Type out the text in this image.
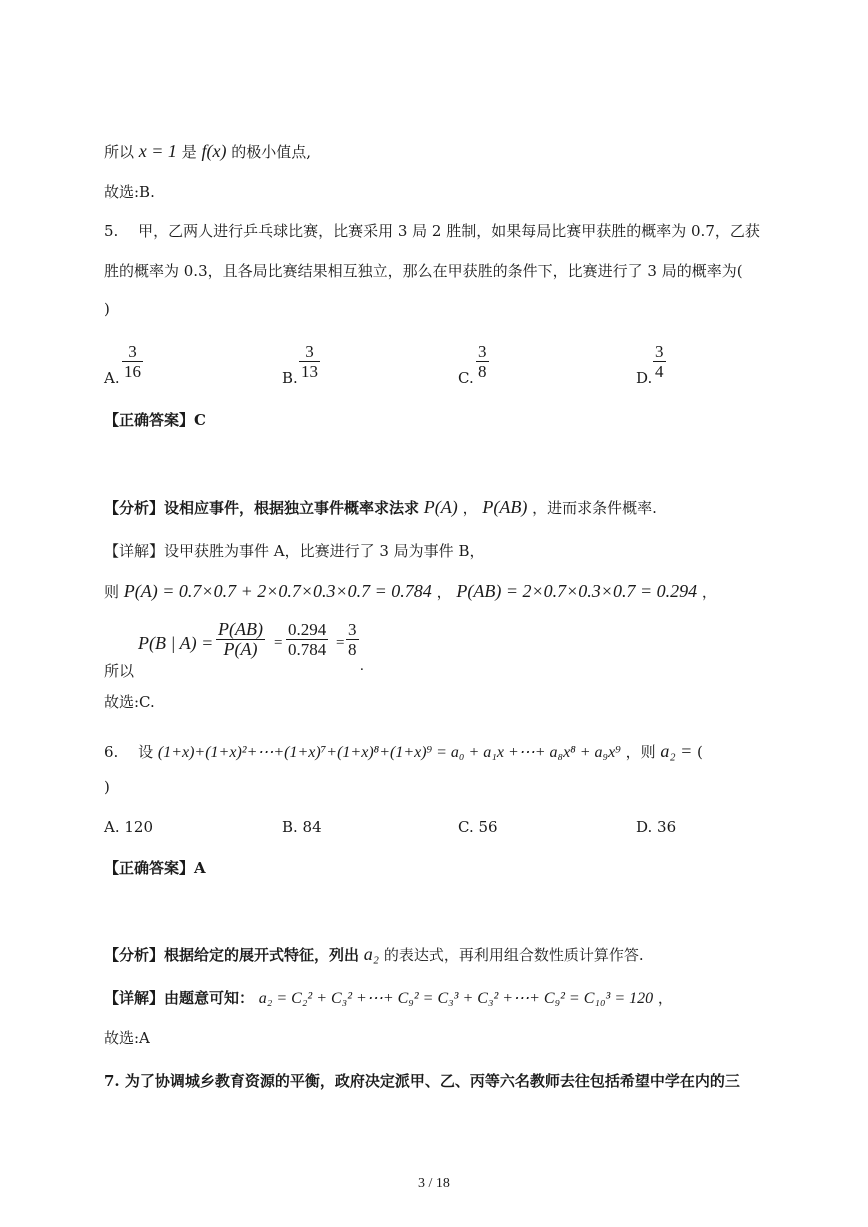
所以 x = 1 是 f(x) 的极小值点,
故选:B.
5.　 甲，乙两人进行乒乓球比赛，比赛采用 3 局 2 胜制，如果每局比赛甲获胜的概率为 0.7，乙获
胜的概率为 0.3，且各局比赛结果相互独立，那么在甲获胜的条件下，比赛进行了 3 局的概率为(
)
A.
3
16	B.
3
13	C.
3
8	D.
3
4
【正确答案】C
【分析】设相应事件，根据独立事件概率求法求 P(A) ， P(AB) ，进而求条件概率.
【详解】设甲获胜为事件 A，比赛进行了 3 局为事件 B，
则 P(A) = 0.7×0.7 + 2×0.7×0.3×0.7 = 0.784 ， P(AB) = 2×0.7×0.3×0.7 = 0.294 ，
所以
P(B | A) =
P(AB)
P(A)	=
0.294
0.784 =
3
8
.
故选:C.
6.　 设 (1+x)+(1+x)²+⋯+(1+x)⁷+(1+x)⁸+(1+x)⁹ = a₀ + a₁x +⋯+ a₈x⁸ + a₉x⁹ ，则 a₂ = (
)
A. 120	B. 84	C. 56	D. 36
【正确答案】A
【分析】根据给定的展开式特征，列出 a₂ 的表达式，再利用组合数性质计算作答.
【详解】由题意可知： a₂ = C₂² + C₃² +⋯+ C₉² = C₃³ + C₃² +⋯+ C₉² = C₁₀³ = 120 ，
故选:A
7. 为了协调城乡教育资源的平衡，政府决定派甲、乙、丙等六名教师去往包括希望中学在内的三
3 / 18
